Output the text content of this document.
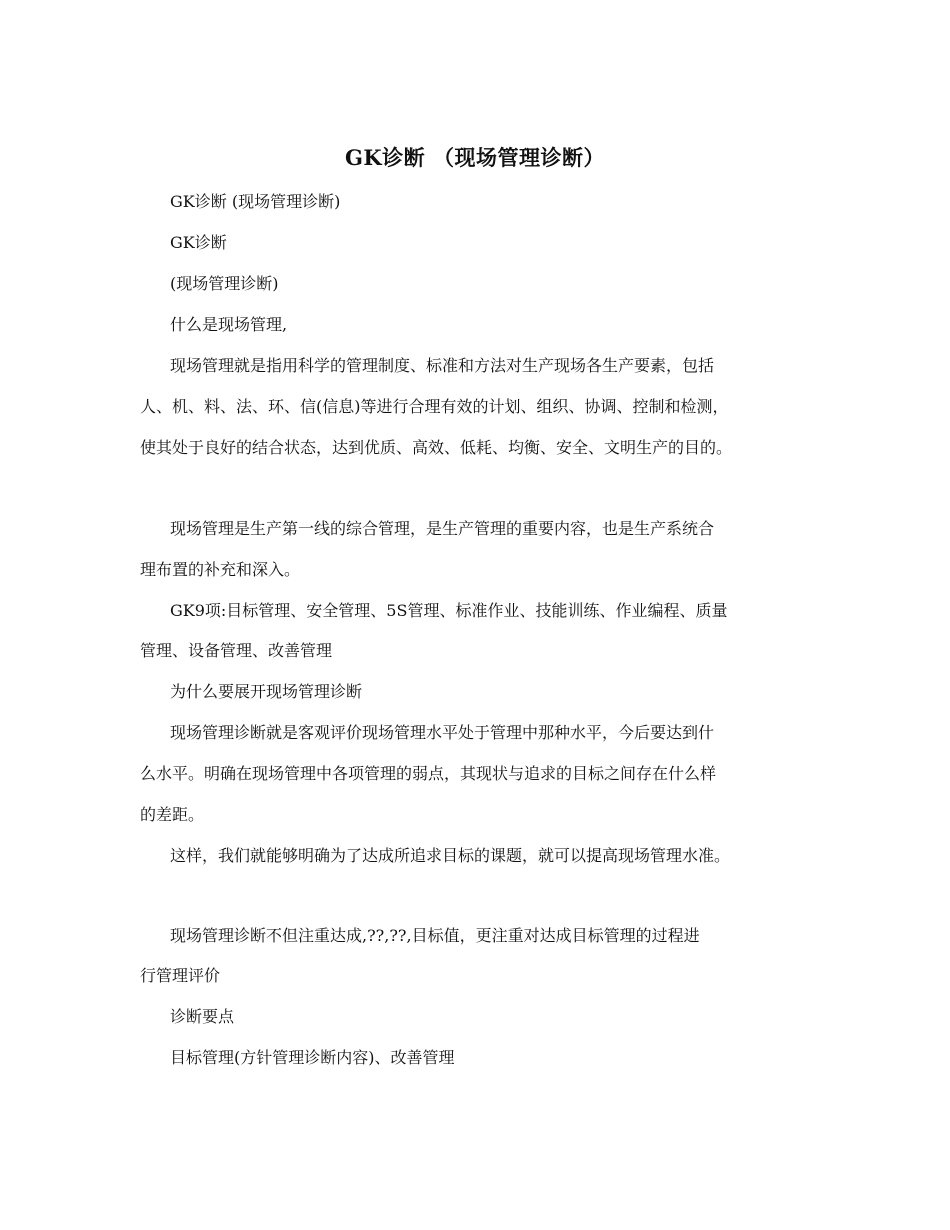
GK诊断 （现场管理诊断）
GK诊断 (现场管理诊断)
GK诊断
(现场管理诊断)
什么是现场管理,
现场管理就是指用科学的管理制度、标准和方法对生产现场各生产要素，包括
人、机、料、法、环、信(信息)等进行合理有效的计划、组织、协调、控制和检测，
使其处于良好的结合状态，达到优质、高效、低耗、均衡、安全、文明生产的目的。
现场管理是生产第一线的综合管理，是生产管理的重要内容，也是生产系统合
理布置的补充和深入。
GK9项:目标管理、安全管理、5S管理、标准作业、技能训练、作业编程、质量
管理、设备管理、改善管理
为什么要展开现场管理诊断
现场管理诊断就是客观评价现场管理水平处于管理中那种水平，今后要达到什
么水平。明确在现场管理中各项管理的弱点，其现状与追求的目标之间存在什么样
的差距。
这样，我们就能够明确为了达成所追求目标的课题，就可以提高现场管理水准。
现场管理诊断不但注重达成,??,??,目标值，更注重对达成目标管理的过程进
行管理评价
诊断要点
目标管理(方针管理诊断内容)、改善管理
